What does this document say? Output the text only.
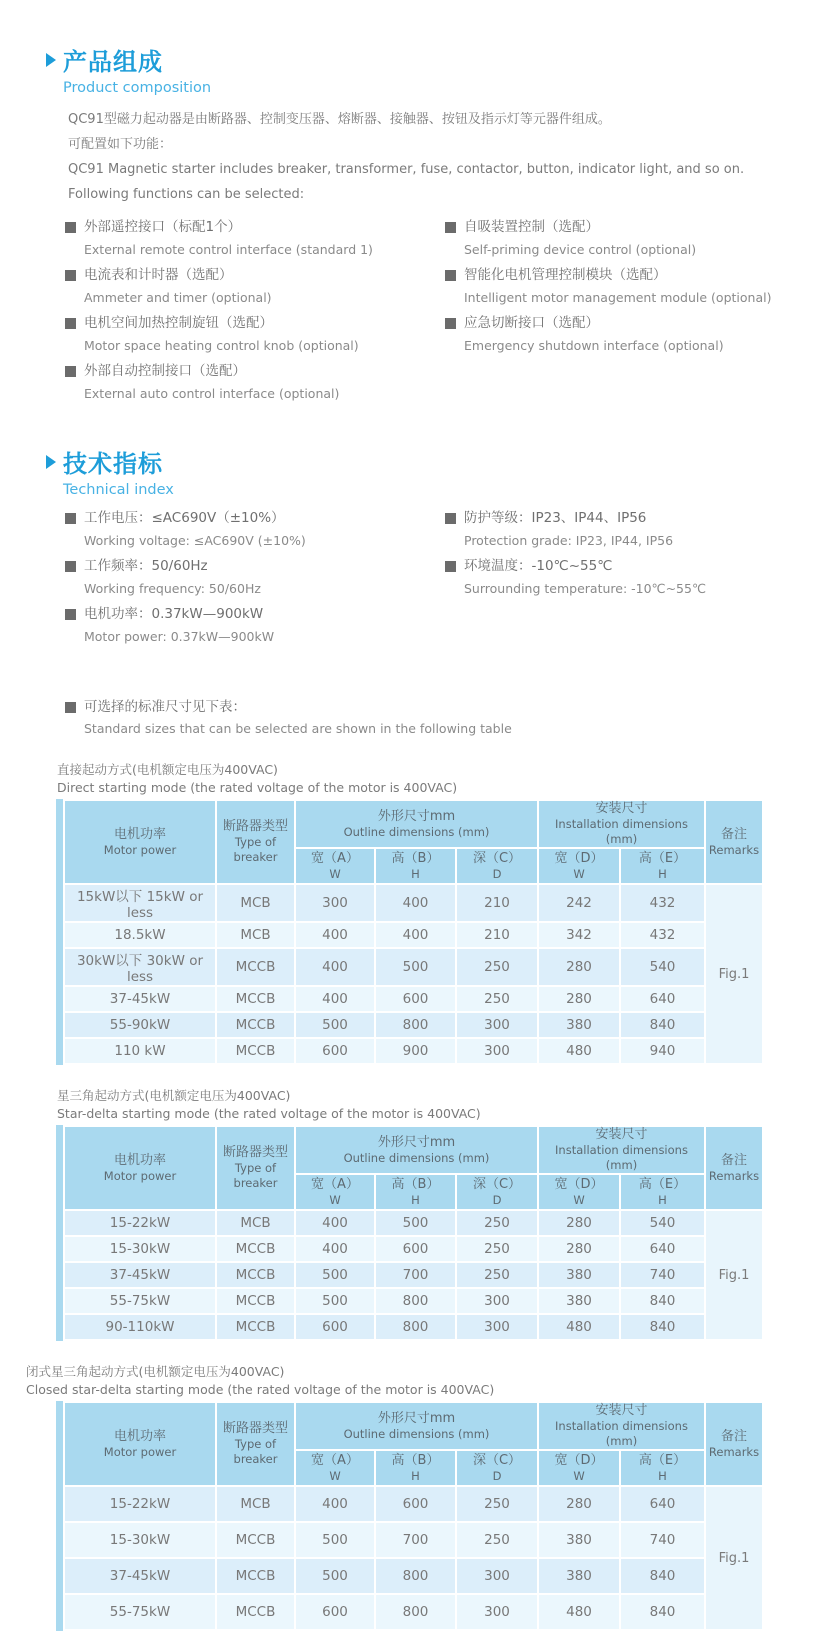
产品组成
Product composition

QC91型磁力起动器是由断路器、控制变压器、熔断器、接触器、按钮及指示灯等元器件组成。

可配置如下功能：

QC91 Magnetic starter includes breaker, transformer, fuse, contactor, button, indicator light, and so on.

Following functions can be selected:

外部遥控接口（标配1个）
External remote control interface (standard 1)
电流表和计时器（选配）
Ammeter and timer (optional)
电机空间加热控制旋钮（选配）
Motor space heating control knob (optional)
外部自动控制接口（选配）
External auto control interface (optional)
自吸装置控制（选配）
Self-priming device control (optional)
智能化电机管理控制模块（选配）
Intelligent motor management module (optional)
应急切断接口（选配）
Emergency shutdown interface (optional)
技术指标
Technical index
工作电压：≤AC690V（±10%）
Working voltage: ≤AC690V (±10%)
工作频率：50/60Hz
Working frequency: 50/60Hz
电机功率：0.37kW—900kW
Motor power: 0.37kW—900kW
防护等级：IP23、IP44、IP56
Protection grade: IP23, IP44, IP56
环境温度：-10℃~55℃
Surrounding temperature: -10℃~55℃
可选择的标准尺寸见下表：
Standard sizes that can be selected are shown in the following table
直接起动方式(电机额定电压为400VAC)
Direct starting mode (the rated voltage of the motor is 400VAC)
电机功率
Motor power	断路器类型
Type of breaker	外形尺寸mm
Outline dimensions (mm)			安装尺寸
Installation dimensions (mm)		备注
Remarks

		宽（A）
W	高（B）
H	深（C）
D	宽（D）
W	高（E）
H	

15kW以下 15kW or less	MCB	300	400	210	242	432	Fig.1
18.5kW	MCB	400	400	210	342	432	
30kW以下 30kW or less	MCCB	400	500	250	280	540	
37-45kW	MCCB	400	600	250	280	640	
55-90kW	MCCB	500	800	300	380	840	
110 kW	MCCB	600	900	300	480	940	
星三角起动方式(电机额定电压为400VAC)
Star-delta starting mode (the rated voltage of the motor is 400VAC)
电机功率
Motor power	断路器类型
Type of breaker	外形尺寸mm
Outline dimensions (mm)			安装尺寸
Installation dimensions (mm)		备注
Remarks

		宽（A）
W	高（B）
H	深（C）
D	宽（D）
W	高（E）
H	

15-22kW	MCB	400	500	250	280	540	Fig.1
15-30kW	MCCB	400	600	250	280	640	
37-45kW	MCCB	500	700	250	380	740	
55-75kW	MCCB	500	800	300	380	840	
90-110kW	MCCB	600	800	300	480	840	
闭式星三角起动方式(电机额定电压为400VAC)
Closed star-delta starting mode (the rated voltage of the motor is 400VAC)
电机功率
Motor power	断路器类型
Type of breaker	外形尺寸mm
Outline dimensions (mm)			安装尺寸
Installation dimensions (mm)		备注
Remarks

		宽（A）
W	高（B）
H	深（C）
D	宽（D）
W	高（E）
H	

15-22kW	MCB	400	600	250	280	640	Fig.1
15-30kW	MCCB	500	700	250	380	740	
37-45kW	MCCB	500	800	300	380	840	
55-75kW	MCCB	600	800	300	480	840	
